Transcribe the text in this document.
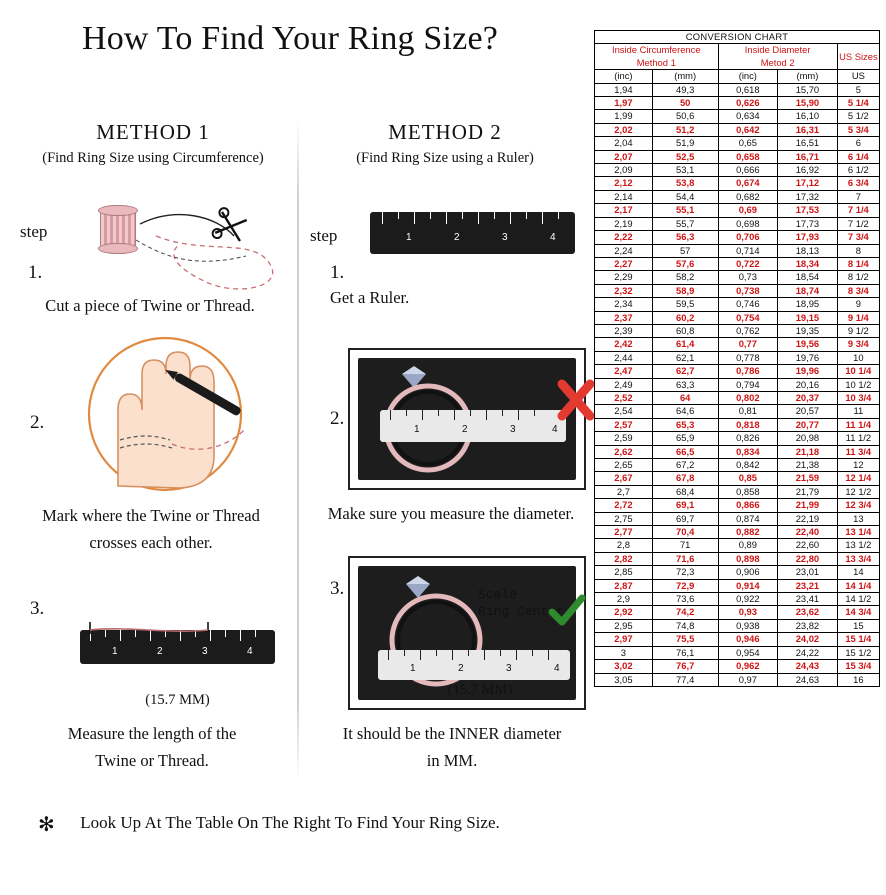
How To Find Your Ring Size?
METHOD 1
(Find Ring Size using Circumference)
METHOD 2
(Find Ring Size using a Ruler)
step
1.
2.
3.
Cut a piece of Twine or Thread.
Mark where the Twine or Thread
crosses each other.
1	2	3	4
(15.7 MM)
Measure the length of the
Twine or Thread.
step
1.
2.
3.
1	2	3	4
Get a Ruler.
1	2	3	4
Make sure you measure the diameter.
1	2	3	4
Scale
Ring Center
(15.7 MM)
It should be the INNER diameter
in MM.
✻	Look Up At The Table On The Right To Find Your Ring Size.
CONVERSION CHART				
Inside Circumference
Method 1		Inside Diameter
Metod 2		US Sizes
(inc)	(mm)	(inc)	(mm)	US
1,94	49,3	0,618	15,70	5
1,97	50	0,626	15,90	5 1/4
1,99	50,6	0,634	16,10	5 1/2
2,02	51,2	0,642	16,31	5 3/4
2,04	51,9	0,65	16,51	6
2,07	52,5	0,658	16,71	6 1/4
2,09	53,1	0,666	16,92	6 1/2
2,12	53,8	0,674	17,12	6 3/4
2,14	54,4	0,682	17,32	7
2,17	55,1	0,69	17,53	7 1/4
2,19	55,7	0,698	17,73	7 1/2
2,22	56,3	0,706	17,93	7 3/4
2,24	57	0,714	18,13	8
2,27	57,6	0,722	18,34	8 1/4
2,29	58,2	0,73	18,54	8 1/2
2,32	58,9	0,738	18,74	8 3/4
2,34	59,5	0,746	18,95	9
2,37	60,2	0,754	19,15	9 1/4
2,39	60,8	0,762	19,35	9 1/2
2,42	61,4	0,77	19,56	9 3/4
2,44	62,1	0,778	19,76	10
2,47	62,7	0,786	19,96	10 1/4
2,49	63,3	0,794	20,16	10 1/2
2,52	64	0,802	20,37	10 3/4
2,54	64,6	0,81	20,57	11
2,57	65,3	0,818	20,77	11 1/4
2,59	65,9	0,826	20,98	11 1/2
2,62	66,5	0,834	21,18	11 3/4
2,65	67,2	0,842	21,38	12
2,67	67,8	0,85	21,59	12 1/4
2,7	68,4	0,858	21,79	12 1/2
2,72	69,1	0,866	21,99	12 3/4
2,75	69,7	0,874	22,19	13
2,77	70,4	0,882	22,40	13 1/4
2,8	71	0,89	22,60	13 1/2
2,82	71,6	0,898	22,80	13 3/4
2,85	72,3	0,906	23,01	14
2,87	72,9	0,914	23,21	14 1/4
2,9	73,6	0,922	23,41	14 1/2
2,92	74,2	0,93	23,62	14 3/4
2,95	74,8	0,938	23,82	15
2,97	75,5	0,946	24,02	15 1/4
3	76,1	0,954	24,22	15 1/2
3,02	76,7	0,962	24,43	15 3/4
3,05	77,4	0,97	24,63	16
